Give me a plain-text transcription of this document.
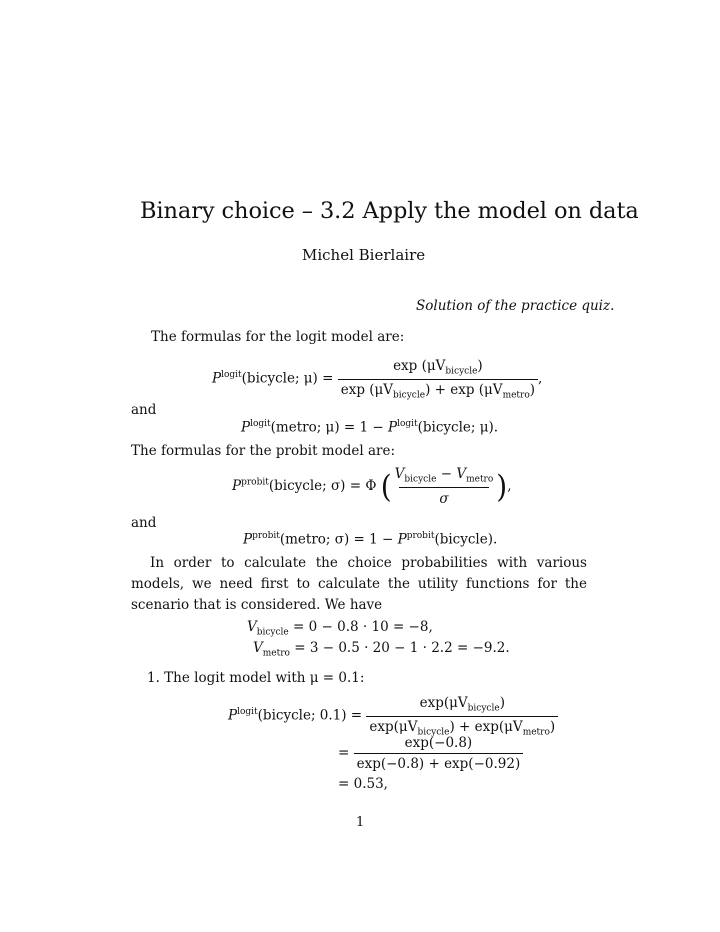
Binary choice – 3.2 Apply the model on data
Michel Bierlaire
Solution of the practice quiz.
The formulas for the logit model are:
$P^{logit}(bicycle$; $\mu) = \frac{\exp (\mu V_{bicycle})}{\exp (\mu V_{bicycle}) + \exp (\mu V_{metro})}$ ,
and
$P^{logit}(metro$; $\mu) = 1 - P^{logit}(bicycle$; μ).
The formulas for the probit model are:
$P^{probit}(bicycle$; σ) = Φ ( $\frac{V_{bicycle} - V_{metro}}{\sigma}$ ),
and
$P^{probit}(metro$; $\sigma) = 1 - P^{probit}(bicycle)$.
In order to calculate the choice probabilities with various models, we need first to calculate the utility functions for the scenario that is considered. We have
$V_{bicycle} = 0 - 0.8 \cdot 10 = -8$,
$V_{metro} = 3 - 0.5 \cdot 20 - 1 \cdot 2.2 = -9.2$.
1. The logit model with μ = 0.1:
$P^{logit}(bicycle$; $0.1) = \frac{\exp(\mu V_{bicycle})}{\exp(\mu V_{bicycle}) + \exp(\mu V_{metro})}$
= $\frac{\exp(-0.8)}{\exp(-0.8) + \exp(-0.92)}$
= 0.53,
1
